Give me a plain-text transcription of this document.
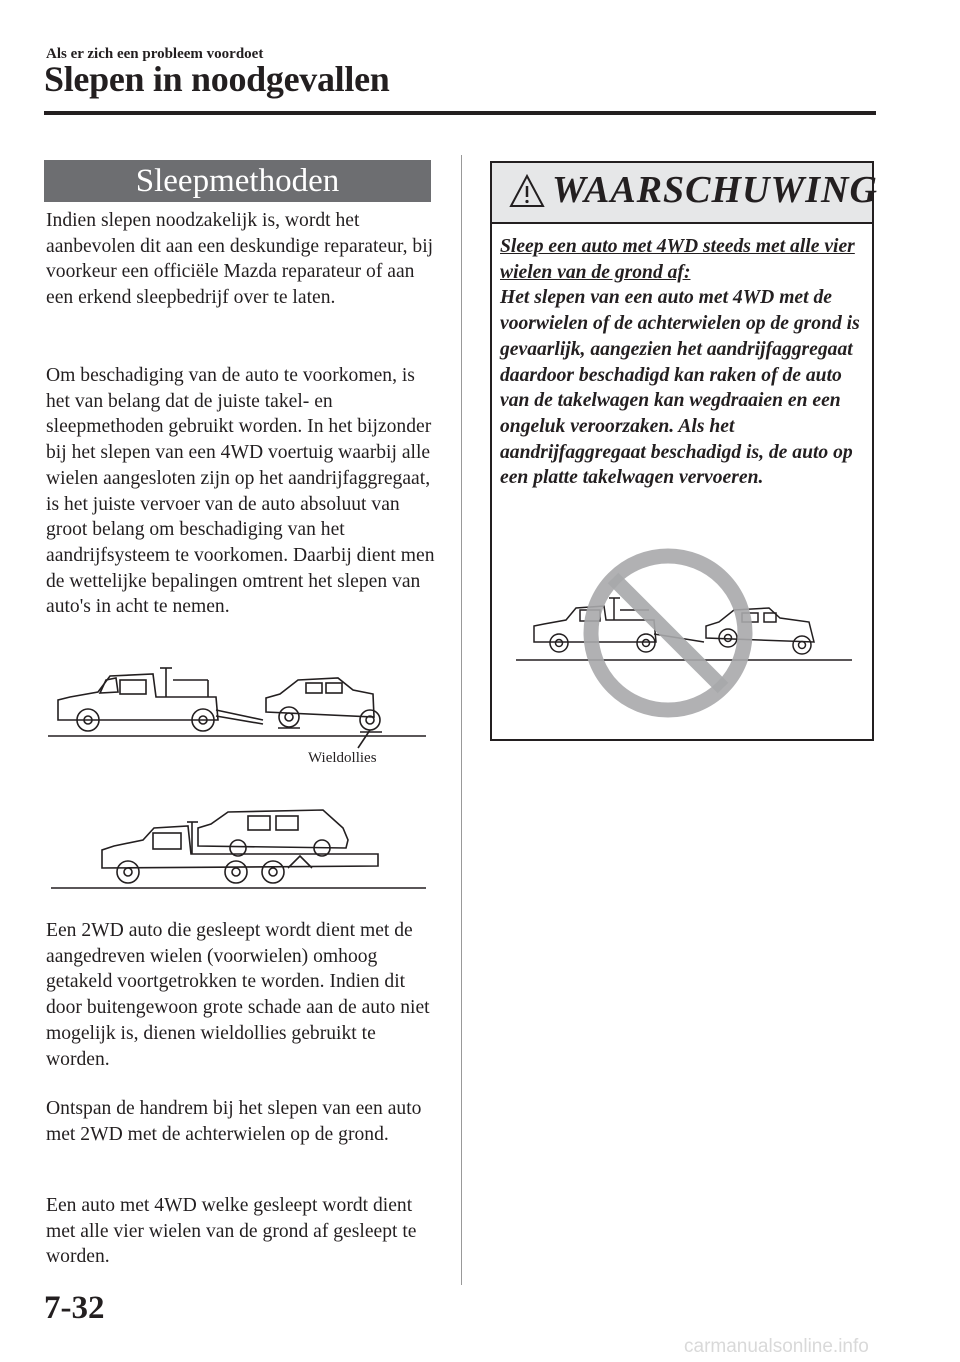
Als er zich een probleem voordoet
Slepen in noodgevallen
Sleepmethoden

Indien slepen noodzakelijk is, wordt het aanbevolen dit aan een deskundige reparateur, bij voorkeur een officiële Mazda reparateur of aan een erkend sleepbedrijf over te laten.

Om beschadiging van de auto te voorkomen, is het van belang dat de juiste takel- en sleepmethoden gebruikt worden. In het bijzonder bij het slepen van een 4WD voertuig waarbij alle wielen aangesloten zijn op het aandrijfaggregaat, is het juiste vervoer van de auto absoluut van groot belang om beschadiging van het aandrijfsysteem te voorkomen. Daarbij dient men de wettelijke bepalingen omtrent het slepen van auto's in acht te nemen.

Wieldollies

Een 2WD auto die gesleept wordt dient met de aangedreven wielen (voorwielen) omhoog getakeld voortgetrokken te worden. Indien dit door buitengewoon grote schade aan de auto niet mogelijk is, dienen wieldollies gebruikt te worden.

Ontspan de handrem bij het slepen van een auto met 2WD met de achterwielen op de grond.

Een auto met 4WD welke gesleept wordt dient met alle vier wielen van de grond af gesleept te worden.

WAARSCHUWING

Sleep een auto met 4WD steeds met alle vier wielen van de grond af:
Het slepen van een auto met 4WD met de voorwielen of de achterwielen op de grond is gevaarlijk, aangezien het aandrijfaggregaat daardoor beschadigd kan raken of de auto van de takelwagen kan wegdraaien en een ongeluk veroorzaken. Als het aandrijfaggregaat beschadigd is, de auto op een platte takelwagen vervoeren.

7-32
carmanualsonline.info
